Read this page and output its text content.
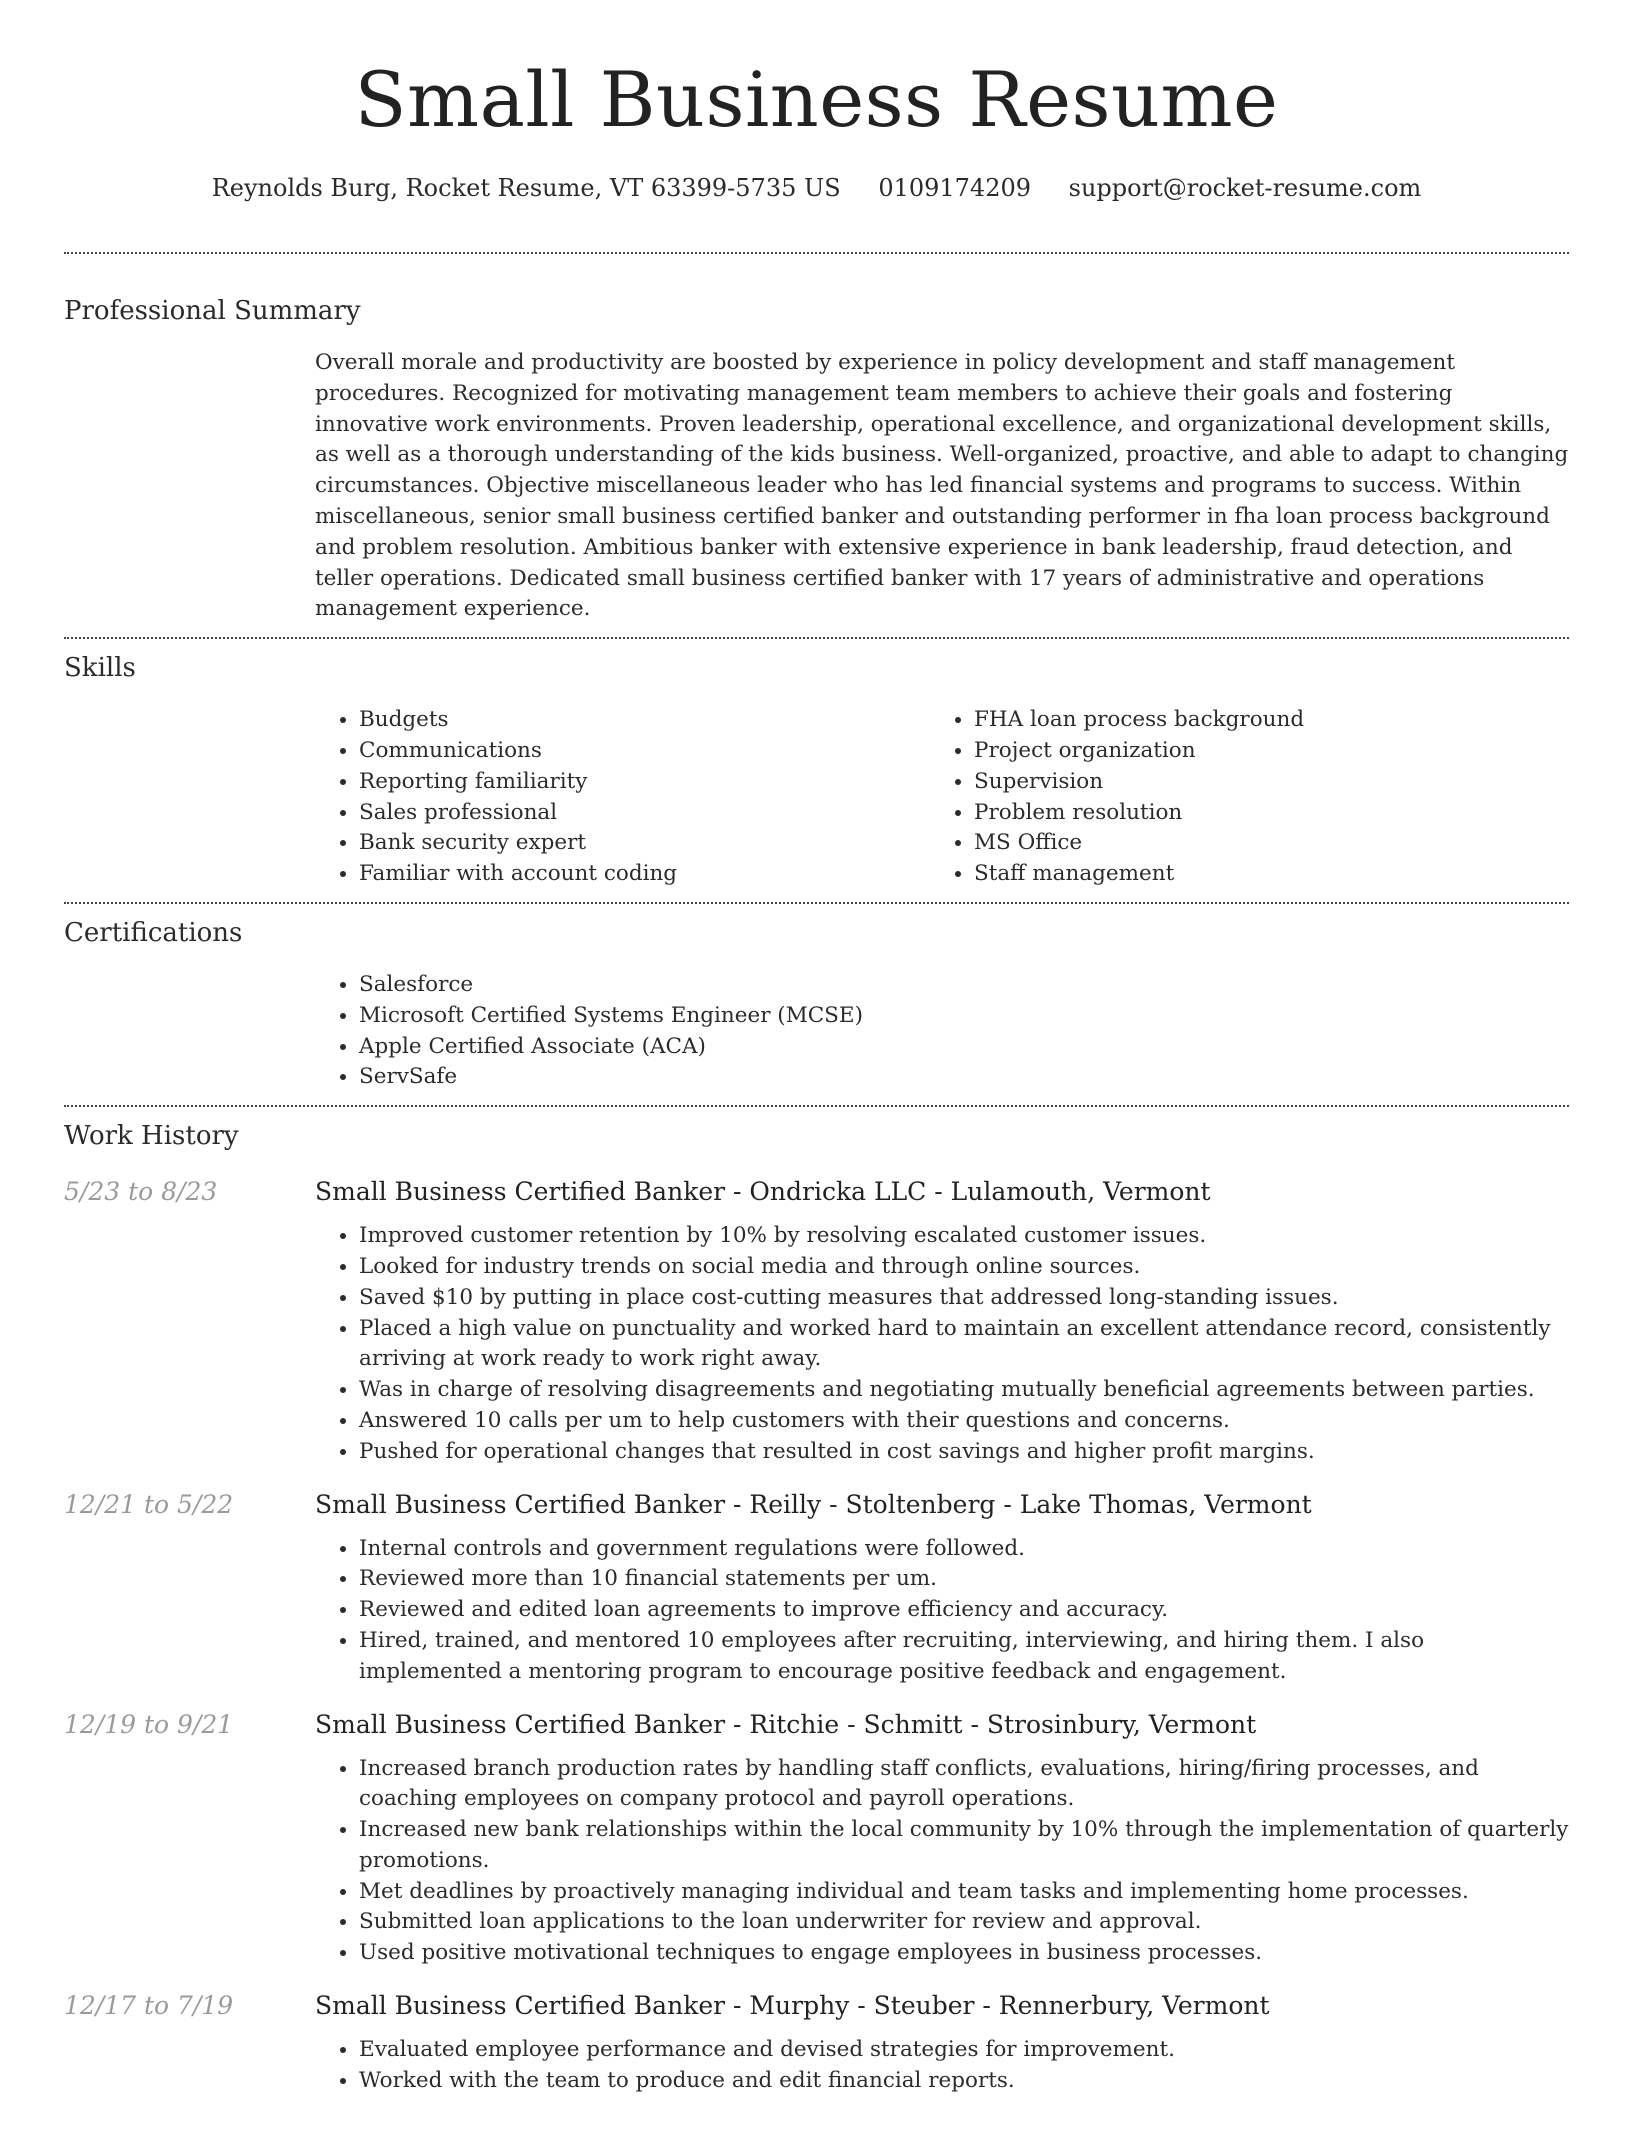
Small Business Resume
Reynolds Burg, Rocket Resume, VT 63399-5735 US 0109174209 support@rocket-resume.com
Professional Summary
Overall morale and productivity are boosted by experience in policy development and staff management procedures. Recognized for motivating management team members to achieve their goals and fostering innovative work environments. Proven leadership, operational excellence, and organizational development skills, as well as a thorough understanding of the kids business. Well-organized, proactive, and able to adapt to changing circumstances. Objective miscellaneous leader who has led financial systems and programs to success. Within miscellaneous, senior small business certified banker and outstanding performer in fha loan process background and problem resolution. Ambitious banker with extensive experience in bank leadership, fraud detection, and teller operations. Dedicated small business certified banker with 17 years of administrative and operations management experience.
Skills
• Budgets
• Communications
• Reporting familiarity
• Sales professional
• Bank security expert
• Familiar with account coding
• FHA loan process background
• Project organization
• Supervision
• Problem resolution
• MS Office
• Staff management
Certifications
• Salesforce
• Microsoft Certified Systems Engineer (MCSE)
• Apple Certified Associate (ACA)
• ServSafe
Work History
5/23 to 8/23	Small Business Certified Banker - Ondricka LLC - Lulamouth, Vermont
• Improved customer retention by 10% by resolving escalated customer issues.
• Looked for industry trends on social media and through online sources.
• Saved $10 by putting in place cost-cutting measures that addressed long-standing issues.
• Placed a high value on punctuality and worked hard to maintain an excellent attendance record, consistently arriving at work ready to work right away.
• Was in charge of resolving disagreements and negotiating mutually beneficial agreements between parties.
• Answered 10 calls per um to help customers with their questions and concerns.
• Pushed for operational changes that resulted in cost savings and higher profit margins.
12/21 to 5/22	Small Business Certified Banker - Reilly - Stoltenberg - Lake Thomas, Vermont
• Internal controls and government regulations were followed.
• Reviewed more than 10 financial statements per um.
• Reviewed and edited loan agreements to improve efficiency and accuracy.
• Hired, trained, and mentored 10 employees after recruiting, interviewing, and hiring them. I also implemented a mentoring program to encourage positive feedback and engagement.
12/19 to 9/21	Small Business Certified Banker - Ritchie - Schmitt - Strosinbury, Vermont
• Increased branch production rates by handling staff conflicts, evaluations, hiring/firing processes, and coaching employees on company protocol and payroll operations.
• Increased new bank relationships within the local community by 10% through the implementation of quarterly promotions.
• Met deadlines by proactively managing individual and team tasks and implementing home processes.
• Submitted loan applications to the loan underwriter for review and approval.
• Used positive motivational techniques to engage employees in business processes.
12/17 to 7/19	Small Business Certified Banker - Murphy - Steuber - Rennerbury, Vermont
• Evaluated employee performance and devised strategies for improvement.
• Worked with the team to produce and edit financial reports.
